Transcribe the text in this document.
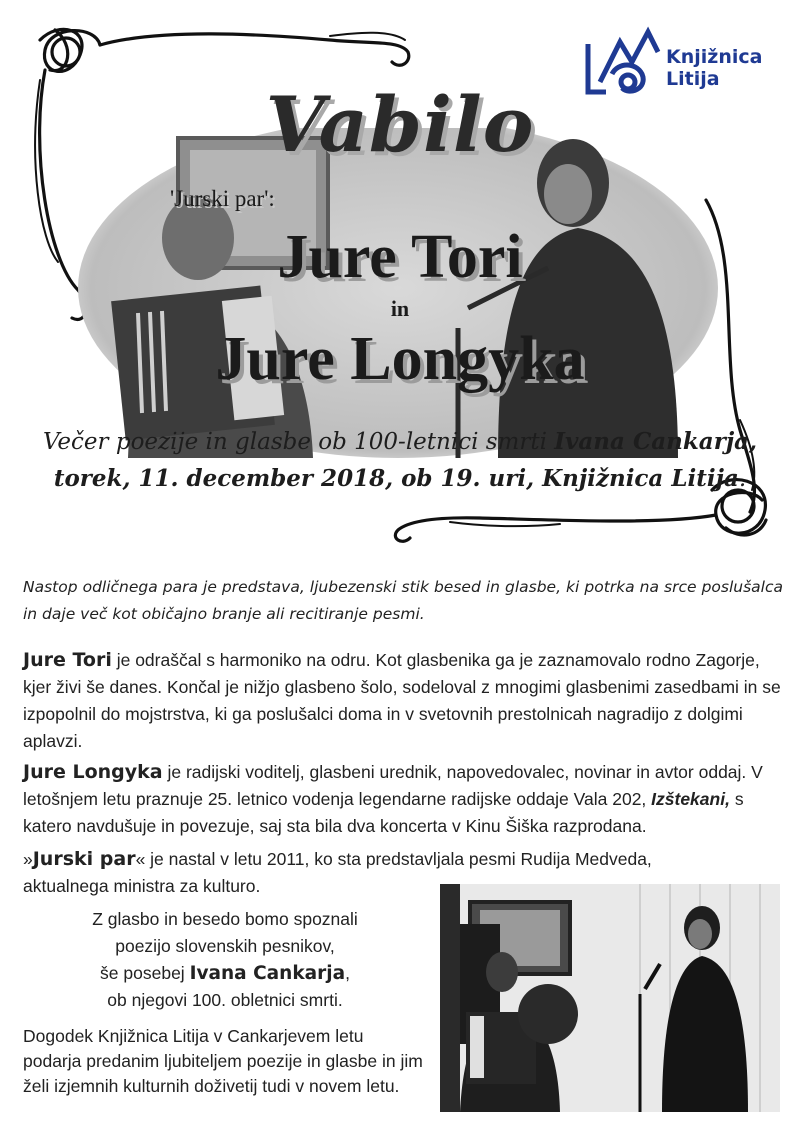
Knjižnica
Litija
Vabilo
'Jurski par':
Jure Tori
in
Jure Longyka
Večer poezije in glasbe ob 100-letnici smrti Ivana Cankarja,
torek, 11. december 2018, ob 19. uri, Knjižnica Litija.
Nastop odličnega para je predstava, ljubezenski stik besed in glasbe, ki potrka na srce poslušalca in daje več kot običajno branje ali recitiranje pesmi.
Jure Tori je odraščal s harmoniko na odru. Kot glasbenika ga je zaznamovalo rodno Zagorje, kjer živi še danes. Končal je nižjo glasbeno šolo, sodeloval z mnogimi glasbenimi zasedbami in se izpopolnil do mojstrstva, ki ga poslušalci doma in v svetovnih prestolnicah nagradijo z dolgimi aplavzi.
Jure Longyka je radijski voditelj, glasbeni urednik, napovedovalec, novinar in avtor oddaj. V letošnjem letu praznuje 25. letnico vodenja legendarne radijske oddaje Vala 202, Izštekani, s katero navdušuje in povezuje, saj sta bila dva koncerta v Kinu Šiška razprodana.
»Jurski par« je nastal v letu 2011, ko sta predstavljala pesmi Rudija Medveda, aktualnega ministra za kulturo.
Z glasbo in besedo bomo spoznali
poezijo slovenskih pesnikov,
še posebej Ivana Cankarja,
ob njegovi 100. obletnici smrti.
Dogodek Knjižnica Litija v Cankarjevem letu podarja predanim ljubiteljem poezije in glasbe in jim želi izjemnih kulturnih doživetij tudi v novem letu.
